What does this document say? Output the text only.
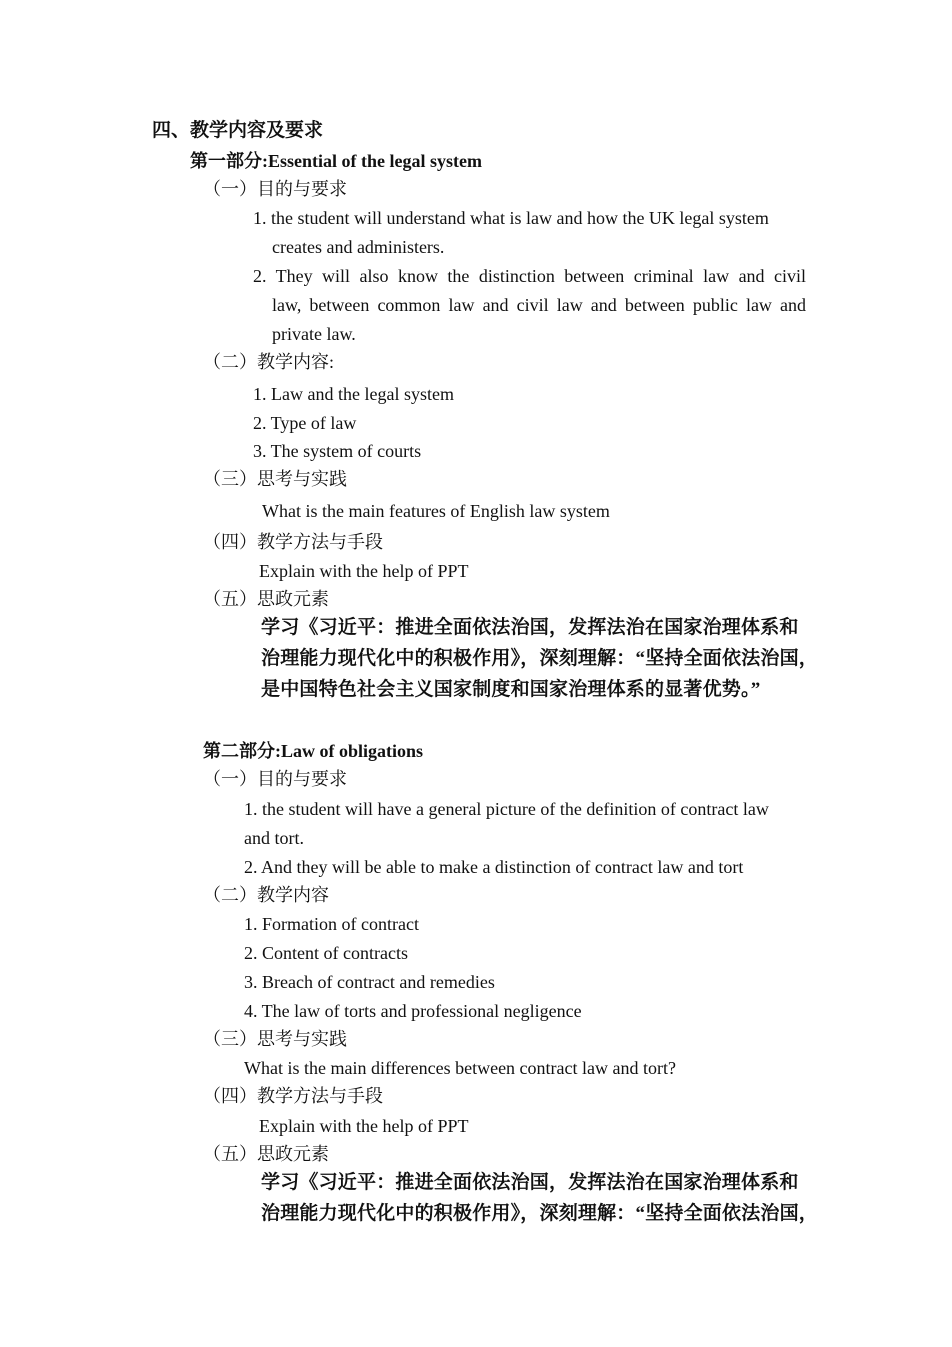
四、教学内容及要求
第一部分:Essential of the legal system
（一）目的与要求
1. the student will understand what is law and how the UK legal system
creates and administers.
2. They will also know the distinction between criminal law and civil
law, between common law and civil law and between public law and
private law.
（二）教学内容:
1. Law and the legal system
2. Type of law
3. The system of courts
（三）思考与实践
What is the main features of English law system
（四）教学方法与手段
Explain with the help of PPT
（五）思政元素
学习《习近平：推进全面依法治国，发挥法治在国家治理体系和
治理能力现代化中的积极作用》，深刻理解：“坚持全面依法治国，
是中国特色社会主义国家制度和国家治理体系的显著优势。”
第二部分:Law of obligations
（一）目的与要求
1. the student will have a general picture of the definition of contract law
and tort.
2. And they will be able to make a distinction of contract law and tort
（二）教学内容
1. Formation of contract
2. Content of contracts
3. Breach of contract and remedies
4. The law of torts and professional negligence
（三）思考与实践
What is the main differences between contract law and tort?
（四）教学方法与手段
Explain with the help of PPT
（五）思政元素
学习《习近平：推进全面依法治国，发挥法治在国家治理体系和
治理能力现代化中的积极作用》，深刻理解：“坚持全面依法治国，
